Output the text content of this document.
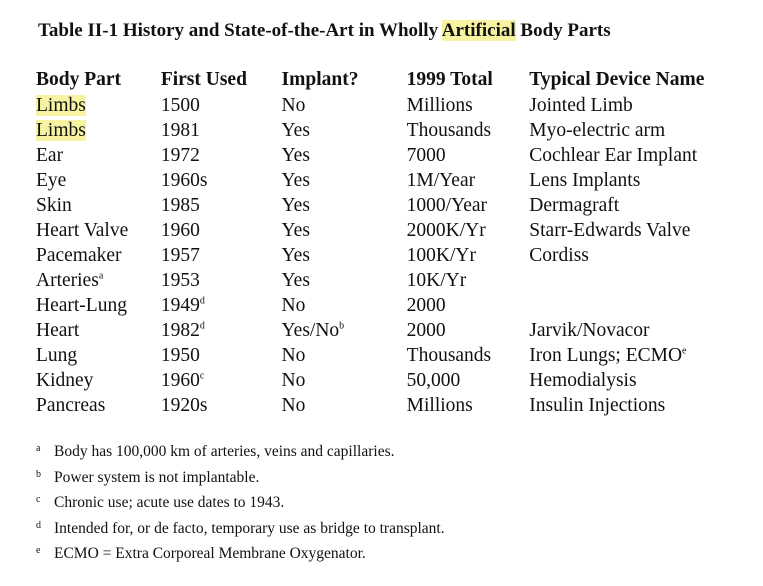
Table II-1 History and State-of-the-Art in Wholly Artificial Body Parts
Body Part	First Used	Implant?	1999 Total	Typical Device Name
Limbs	1500	No	Millions	Jointed Limb
Limbs	1981	Yes	Thousands	Myo-electric arm
Ear	1972	Yes	7000	Cochlear Ear Implant
Eye	1960s	Yes	1M/Year	Lens Implants
Skin	1985	Yes	1000/Year	Dermagraft
Heart Valve	1960	Yes	2000K/Yr	Starr-Edwards Valve
Pacemaker	1957	Yes	100K/Yr	Cordiss
Arteries$^a$	1953	Yes	10K/Yr	
Heart-Lung	1949$^d$	No	2000	
Heart	1982$^d$	Yes/No$^b$	2000	Jarvik/Novacor
Lung	1950	No	Thousands	Iron Lungs; ECMO$^e$
Kidney	1960$^c$	No	50,000	Hemodialysis
Pancreas	1920s	No	Millions	Insulin Injections
a Body has 100,000 km of arteries, veins and capillaries.
b Power system is not implantable.
c Chronic use; acute use dates to 1943.
d Intended for, or de facto, temporary use as bridge to transplant.
e ECMO = Extra Corporeal Membrane Oxygenator.
